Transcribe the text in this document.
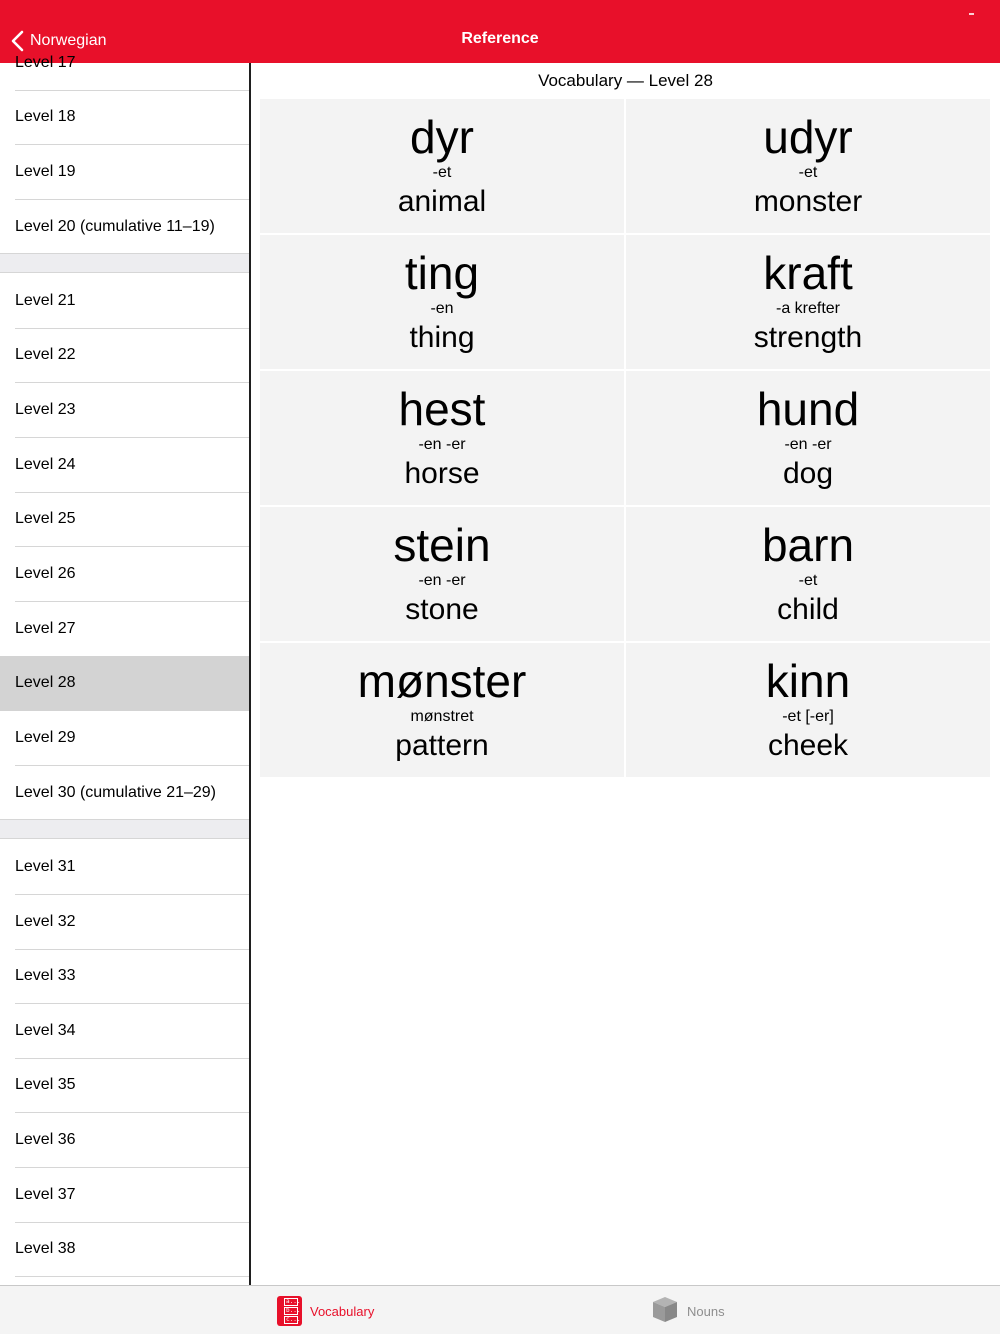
Norwegian	Reference
Level 17
Level 18
Level 19
Level 20 (cumulative 11–19)
Level 21
Level 22
Level 23
Level 24
Level 25
Level 26
Level 27
Level 28
Level 29
Level 30 (cumulative 21–29)
Level 31
Level 32
Level 33
Level 34
Level 35
Level 36
Level 37
Level 38
Vocabulary — Level 28
dyr
-et
animal
udyr
-et
monster
ting
-en
thing
kraft
-a krefter
strength
hest
-en -er
horse
hund
-en -er
dog
stein
-en -er
stone
barn
-et
child
mønster
mønstret
pattern
kinn
-et [-er]
cheek
a...
b...
c...
Vocabulary	Nouns
